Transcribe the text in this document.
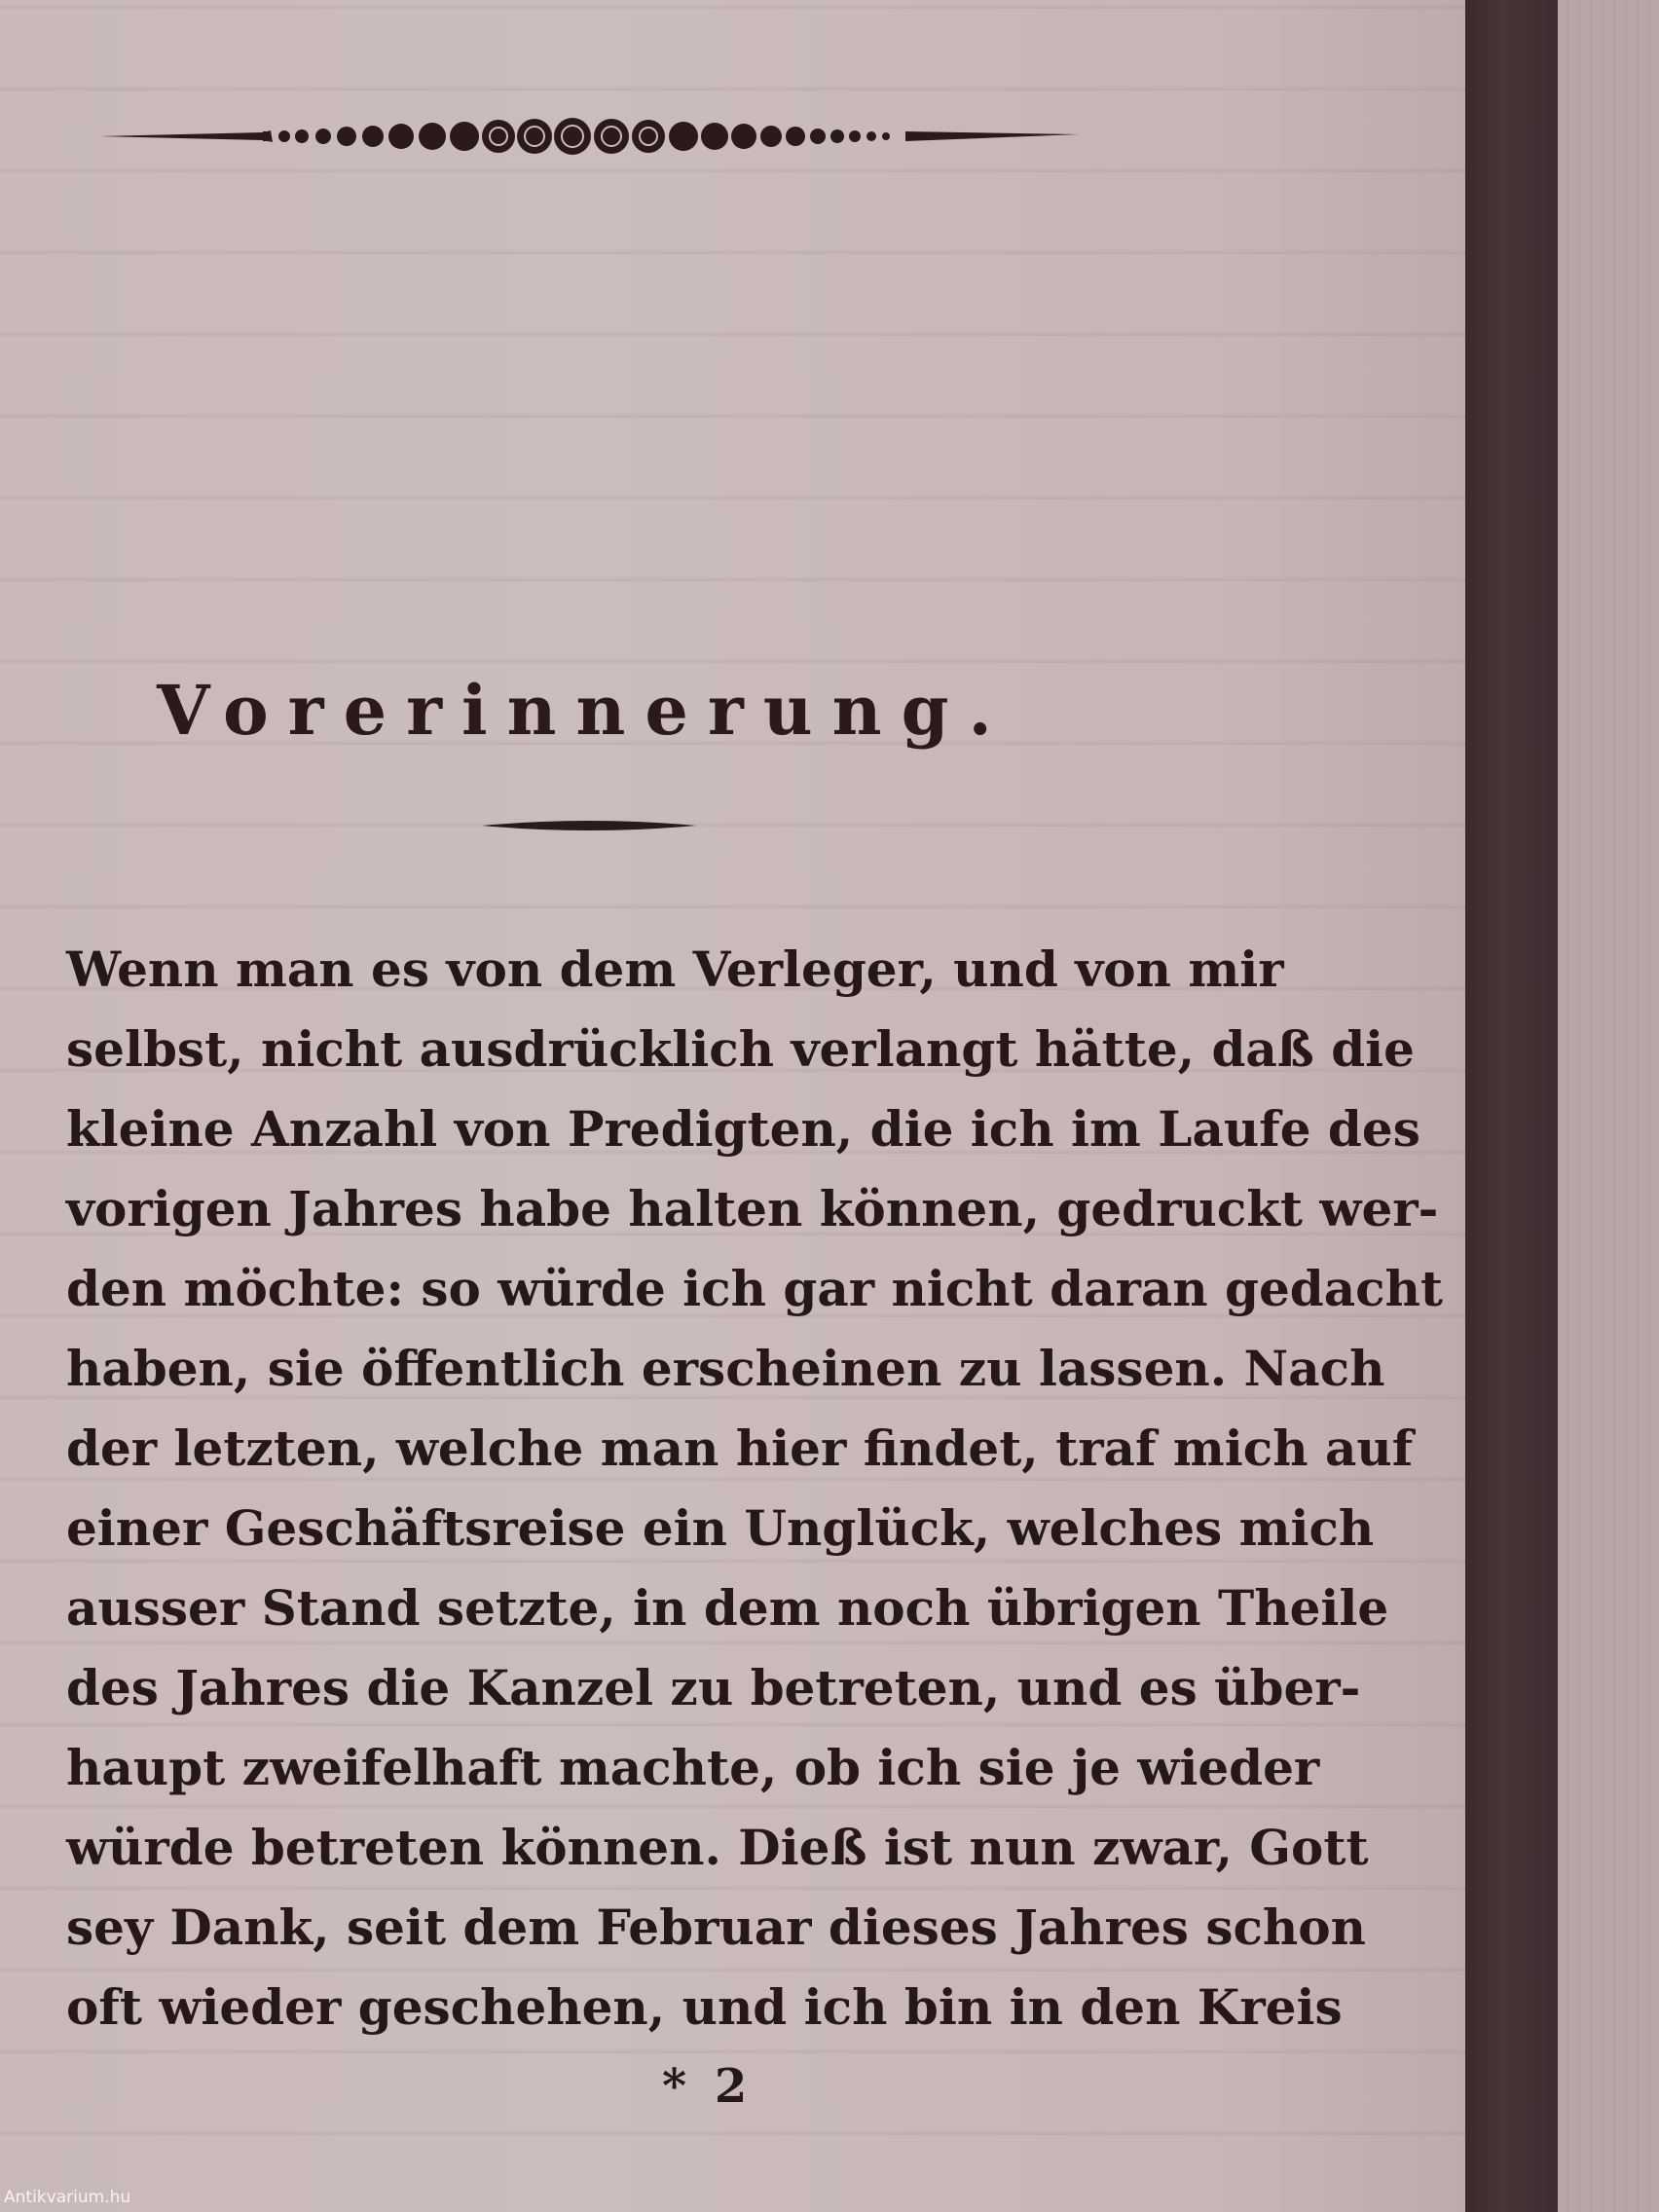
Vorerinnerung.
Wenn man es von dem Verleger, und von mir
selbst, nicht ausdrücklich verlangt hätte, daß die
kleine Anzahl von Predigten, die ich im Laufe des
vorigen Jahres habe halten können, gedruckt wer-
den möchte: so würde ich gar nicht daran gedacht
haben, sie öffentlich erscheinen zu lassen. Nach
der letzten, welche man hier findet, traf mich auf
einer Geschäftsreise ein Unglück, welches mich
ausser Stand setzte, in dem noch übrigen Theile
des Jahres die Kanzel zu betreten, und es über-
haupt zweifelhaft machte, ob ich sie je wieder
würde betreten können. Dieß ist nun zwar, Gott
sey Dank, seit dem Februar dieses Jahres schon
oft wieder geschehen, und ich bin in den Kreis
* 2
Antikvarium.hu
